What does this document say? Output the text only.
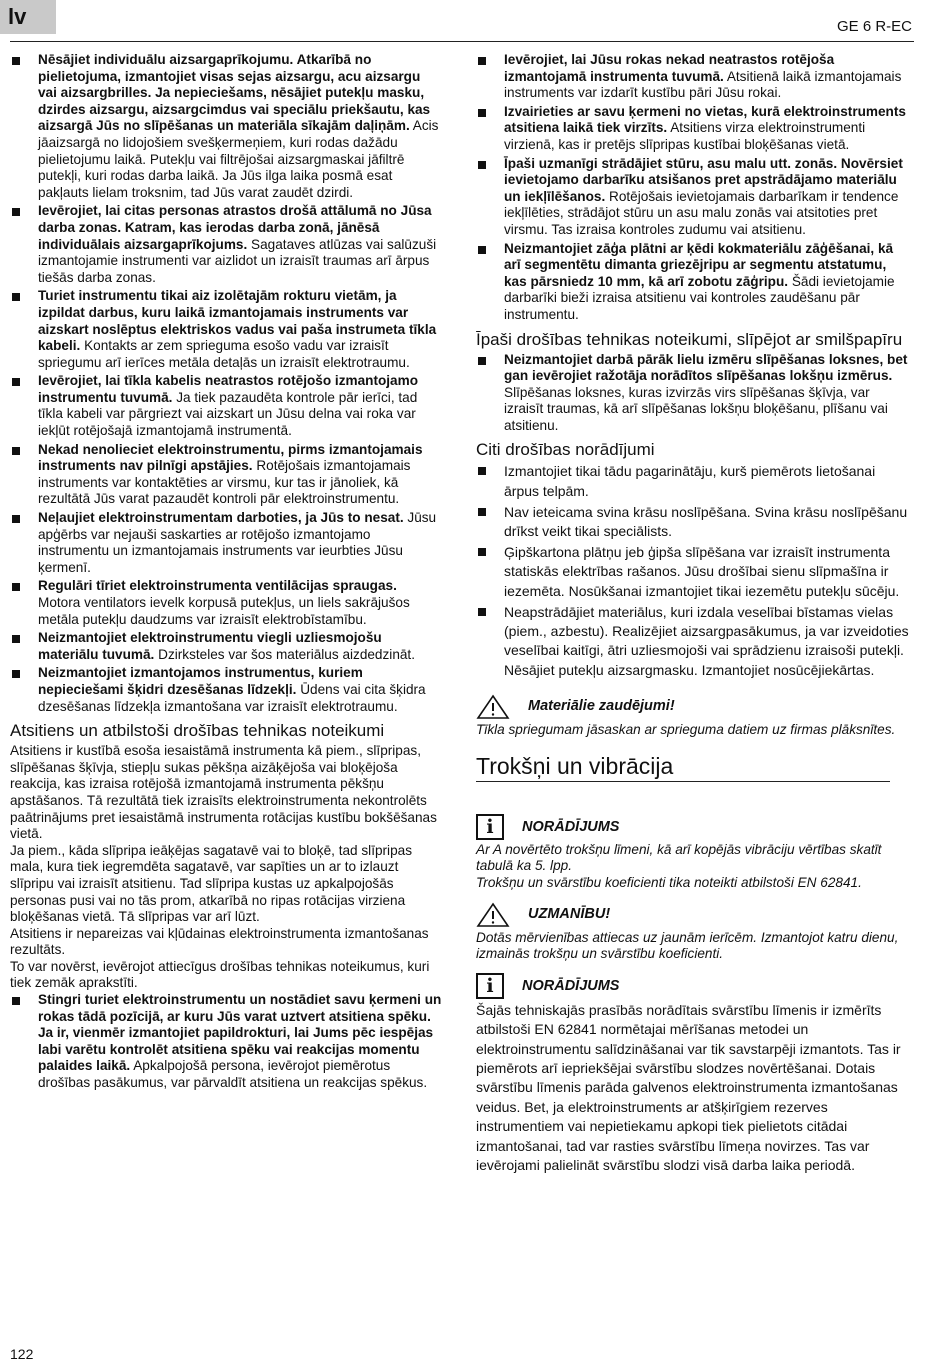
lv	GE 6 R-EC
Nēsājiet individuālu aizsargaprīkojumu. Atkarībā no pielietojuma, izmantojiet visas sejas aizsargu, acu aizsargu vai aizsargbrilles. Ja nepieciešams, nēsājiet putekļu masku, dzirdes aizsargu, aizsargcimdus vai speciālu priekšautu, kas aizsargā Jūs no slīpēšanas un materiāla sīkajām daļiņām. Acis jāaizsargā no lidojošiem svešķermeņiem, kuri rodas dažādu pielietojumu laikā. Putekļu vai filtrējošai aizsargmaskai jāfiltrē putekļi, kuri rodas darba laikā. Ja Jūs ilga laika posmā esat pakļauts lielam troksnim, tad Jūs varat zaudēt dzirdi.
Ievērojiet, lai citas personas atrastos drošā attālumā no Jūsa darba zonas. Katram, kas ierodas darba zonā, jānēsā individuālais aizsargaprīkojums. Sagataves atlūzas vai salūzuši izmantojamie instrumenti var aizlidot un izraisīt traumas arī ārpus tiešās darba zonas.
Turiet instrumentu tikai aiz izolētajām rokturu vietām, ja izpildat darbus, kuru laikā izmantojamais instruments var aizskart noslēptus elektriskos vadus vai paša instrumeta tīkla kabeli. Kontakts ar zem sprieguma esošo vadu var izraisīt spriegumu arī ierīces metāla detaļās un izraisīt elektrotraumu.
Ievērojiet, lai tīkla kabelis neatrastos rotējošo izmantojamo instrumentu tuvumā. Ja tiek pazaudēta kontrole pār ierīci, tad tīkla kabeli var pārgriezt vai aizskart un Jūsu delna vai roka var iekļūt rotējošajā izmantojamā instrumentā.
Nekad nenolieciet elektroinstrumentu, pirms izmantojamais instruments nav pilnīgi apstājies. Rotējošais izmantojamais instruments var kontaktēties ar virsmu, kur tas ir jānoliek, kā rezultātā Jūs varat pazaudēt kontroli pār elektroinstrumentu.
Neļaujiet elektroinstrumentam darboties, ja Jūs to nesat. Jūsu apģērbs var nejauši saskarties ar rotējošo izmantojamo instrumentu un izmantojamais instruments var ieurbties Jūsu ķermenī.
Regulāri tīriet elektroinstrumenta ventilācijas spraugas. Motora ventilators ievelk korpusā putekļus, un liels sakrājušos metāla putekļu daudzums var izraisīt elektrobīstamību.
Neizmantojiet elektroinstrumentu viegli uzliesmojošu materiālu tuvumā. Dzirksteles var šos materiālus aizdedzināt.
Neizmantojiet izmantojamos instrumentus, kuriem nepieciešami šķidri dzesēšanas līdzekļi. Ūdens vai cita šķidra dzesēšanas līdzekļa izmantošana var izraisīt elektrotraumu.
Atsitiens un atbilstoši drošības tehnikas noteikumi

Atsitiens ir kustībā esoša iesaistāmā instrumenta kā piem., slīpripas, slīpēšanas šķīvja, stiepļu sukas pēkšņa aizāķējoša vai bloķējoša reakcija, kas izraisa rotējošā izmantojamā instrumenta pēkšņu apstāšanos. Tā rezultātā tiek izraisīts elektroinstrumenta nekontrolēts paātrinājums pret iesaistāmā instrumenta rotācijas kustību bokšēšanas vietā.

Ja piem., kāda slīpripa ieāķējas sagatavē vai to bloķē, tad slīpripas mala, kura tiek iegremdēta sagatavē, var sapīties un ar to izlauzt slīpripu vai izraisīt atsitienu. Tad slīpripa kustas uz apkalpojošās personas pusi vai no tās prom, atkarībā no ripas rotācijas virziena bloķēšanas vietā. Tā slīpripas var arī lūzt.

Atsitiens ir nepareizas vai kļūdainas elektroinstrumenta izmantošanas rezultāts.

To var novērst, ievērojot attiecīgus drošības tehnikas noteikumus, kuri tiek zemāk aprakstīti.

Stingri turiet elektroinstrumentu un nostādiet savu ķermeni un rokas tādā pozīcijā, ar kuru Jūs varat uztvert atsitiena spēku. Ja ir, vienmēr izmantojiet papildrokturi, lai Jums pēc iespējas labi varētu kontrolēt atsitiena spēku vai reakcijas momentu palaides laikā. Apkalpojošā persona, ievērojot piemērotus drošības pasākumus, var pārvaldīt atsitiena un reakcijas spēkus.
Ievērojiet, lai Jūsu rokas nekad neatrastos rotējoša izmantojamā instrumenta tuvumā. Atsitienā laikā izmantojamais instruments var izdarīt kustību pāri Jūsu rokai.
Izvairieties ar savu ķermeni no vietas, kurā elektroinstruments atsitiena laikā tiek virzīts. Atsitiens virza elektroinstrumenti virzienā, kas ir pretējs slīpripas kustībai bloķēšanas vietā.
Īpaši uzmanīgi strādājiet stūru, asu malu utt. zonās. Novērsiet ievietojamo darbarīku atsišanos pret apstrādājamo materiālu un iekļīlēšanos. Rotējošais ievietojamais darbarīkam ir tendence iekļīlēties, strādājot stūru un asu malu zonās vai atsitoties pret virsmu. Tas izraisa kontroles zudumu vai atsitienu.
Neizmantojiet zāģa plātni ar ķēdi kokmateriālu zāģēšanai, kā arī segmentētu dimanta griezējripu ar segmentu atstatumu, kas pārsniedz 10 mm, kā arī zobotu zāģripu. Šādi ievietojamie darbarīki bieži izraisa atsitienu vai kontroles zaudēšanu pār instrumentu.
Īpaši drošības tehnikas noteikumi, slīpējot ar smilšpapīru
Neizmantojiet darbā pārāk lielu izmēru slīpēšanas loksnes, bet gan ievērojiet ražotāja norādītos slīpēšanas lokšņu izmērus. Slīpēšanas loksnes, kuras izvirzās virs slīpēšanas šķīvja, var izraisīt traumas, kā arī slīpēšanas lokšņu bloķēšanu, plīšanu vai atsitienu.
Citi drošības norādījumi
Izmantojiet tikai tādu pagarinātāju, kurš piemērots lietošanai ārpus telpām.
Nav ieteicama svina krāsu noslīpēšana. Svina krāsu noslīpēšanu drīkst veikt tikai speciālists.
Ģipškartona plātņu jeb ģipša slīpēšana var izraisīt instrumenta statiskās elektrības rašanos. Jūsu drošībai sienu slīpmašīna ir iezemēta. Nosūkšanai izmantojiet tikai iezemētu putekļu sūcēju.
Neapstrādājiet materiālus, kuri izdala veselībai bīstamas vielas (piem., azbestu). Realizējiet aizsargpasākumus, ja var izveidoties veselībai kaitīgi, ātri uzliesmojoši vai sprādzienu izraisoši putekļi. Nēsājiet putekļu aizsargmasku. Izmantojiet nosūcējiekārtas.
Materiālie zaudējumi!
Tīkla spriegumam jāsaskan ar sprieguma datiem uz firmas plāksnītes.
Trokšņi un vibrācija
i	NORĀDĪJUMS
Ar A novērtēto trokšņu līmeni, kā arī kopējās vibrāciju vērtības skatīt tabulā ka 5. lpp.
Trokšņu un svārstību koeficienti tika noteikti atbilstoši EN 62841.
UZMANĪBU!
Dotās mērvienības attiecas uz jaunām ierīcēm. Izmantojot katru dienu, izmainās trokšņu un svārstību koeficienti.
i	NORĀDĪJUMS
Šajās tehniskajās prasībās norādītais svārstību līmenis ir izmērīts atbilstoši EN 62841 normētajai mērīšanas metodei un elektroinstrumentu salīdzināšanai var tik savstarpēji izmantots. Tas ir piemērots arī iepriekšējai svārstību slodzes novērtēšanai. Dotais svārstību līmenis parāda galvenos elektroinstrumenta izmantošanas veidus. Bet, ja elektroinstruments ar atšķirīgiem rezerves instrumentiem vai nepietiekamu apkopi tiek pielietots citādai izmantošanai, tad var rasties svārstību līmeņa novirzes. Tas var ievērojami palielināt svārstību slodzi visā darba laika periodā.
122
